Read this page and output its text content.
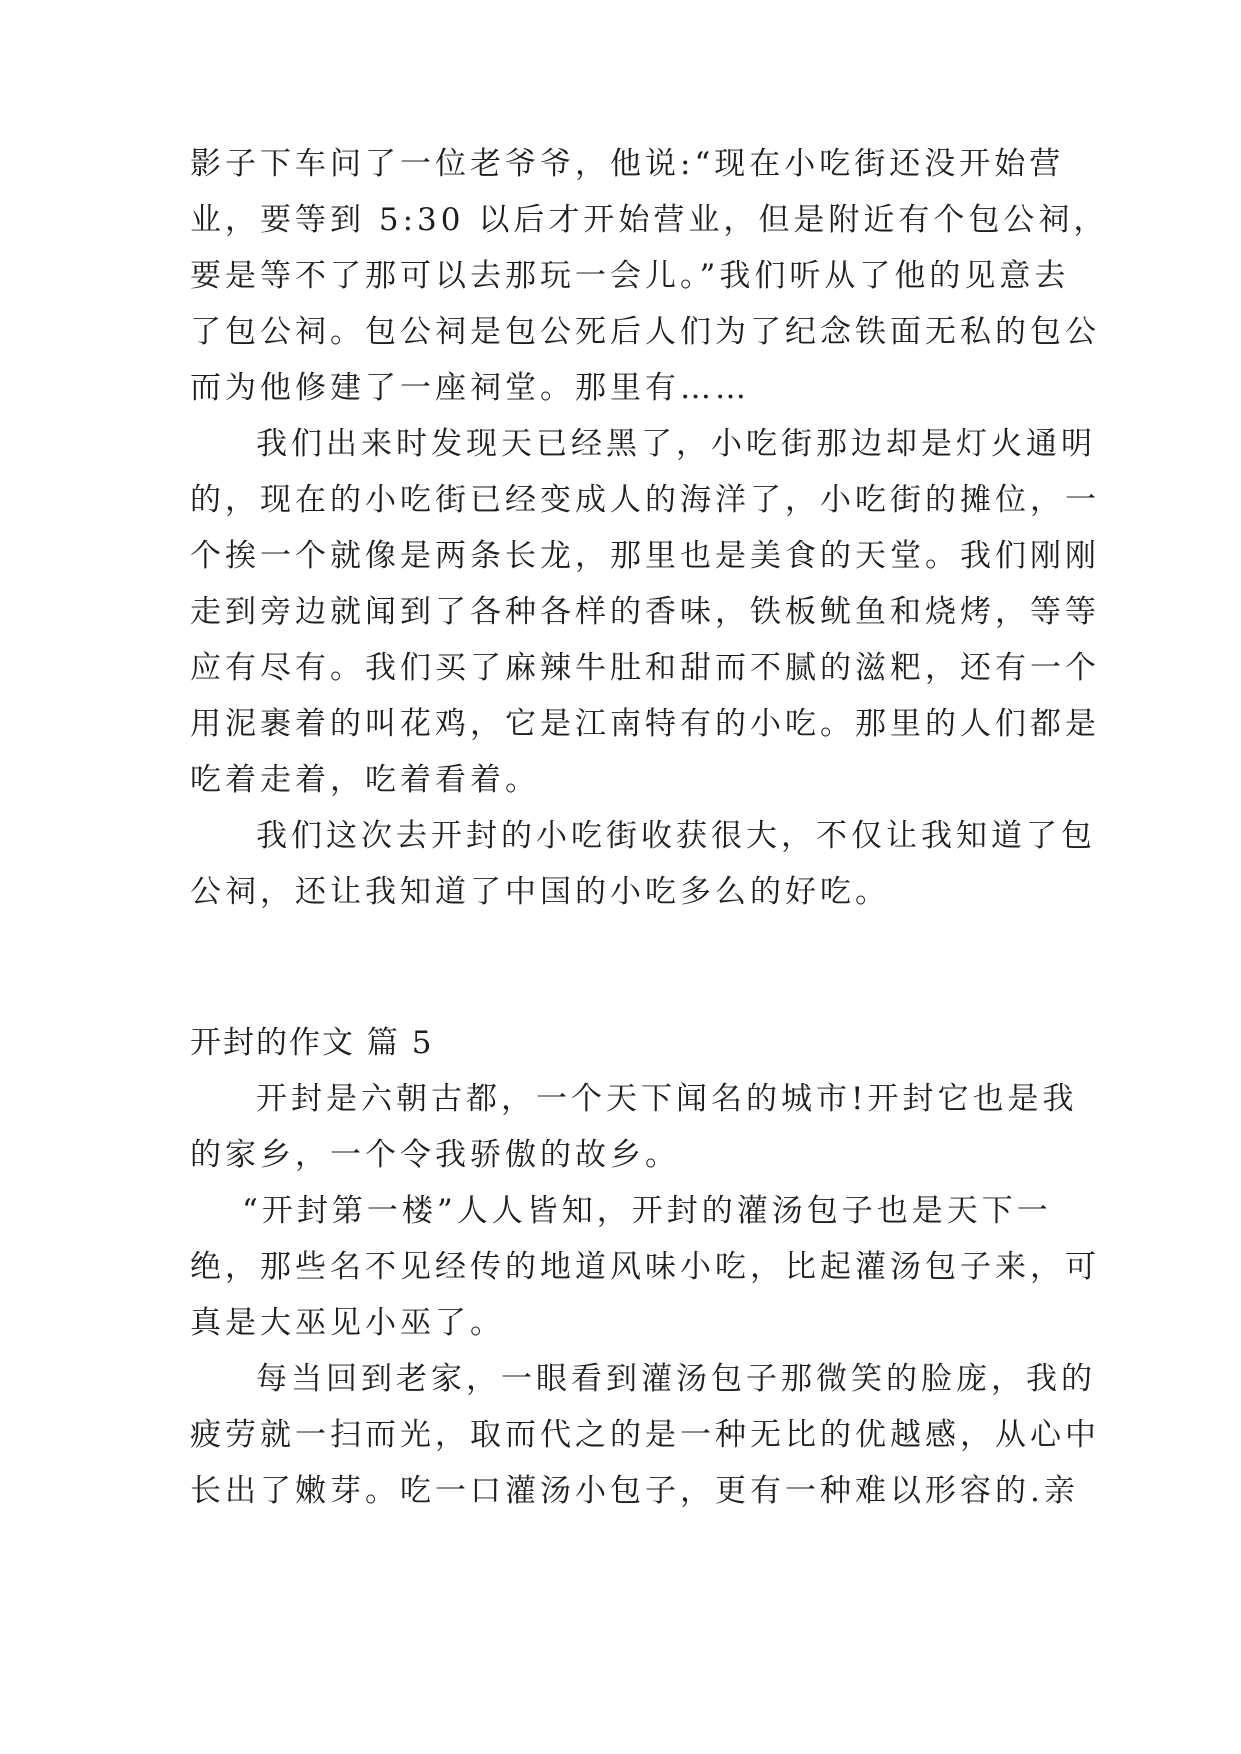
影子下车问了一位老爷爷，他说:“现在小吃街还没开始营
业，要等到 5:30 以后才开始营业，但是附近有个包公祠，
要是等不了那可以去那玩一会儿。”我们听从了他的见意去
了包公祠。包公祠是包公死后人们为了纪念铁面无私的包公
而为他修建了一座祠堂。那里有……
我们出来时发现天已经黑了，小吃街那边却是灯火通明
的，现在的小吃街已经变成人的海洋了，小吃街的摊位，一
个挨一个就像是两条长龙，那里也是美食的天堂。我们刚刚
走到旁边就闻到了各种各样的香味，铁板鱿鱼和烧烤，等等
应有尽有。我们买了麻辣牛肚和甜而不腻的滋粑，还有一个
用泥裹着的叫花鸡，它是江南特有的小吃。那里的人们都是
吃着走着，吃着看着。
我们这次去开封的小吃街收获很大，不仅让我知道了包
公祠，还让我知道了中国的小吃多么的好吃。
开封的作文 篇 5
开封是六朝古都，一个天下闻名的城市!开封它也是我
的家乡，一个令我骄傲的故乡。
“开封第一楼”人人皆知，开封的灌汤包子也是天下一
绝，那些名不见经传的地道风味小吃，比起灌汤包子来，可
真是大巫见小巫了。
每当回到老家，一眼看到灌汤包子那微笑的脸庞，我的
疲劳就一扫而光，取而代之的是一种无比的优越感，从心中
长出了嫩芽。吃一口灌汤小包子，更有一种难以形容的.亲
